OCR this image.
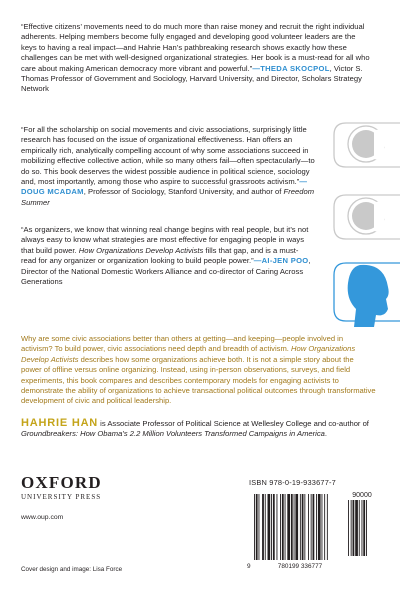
“Effective citizens’ movements need to do much more than raise money and recruit the right individual adherents. Helping members become fully engaged and developing good volunteer leaders are the keys to having a real impact—and Hahrie Han’s pathbreaking research shows exactly how these challenges can be met with well-designed organizational strategies. Her book is a must-read for all who care about making American democracy more vibrant and powerful.”—THEDA SKOCPOL, Victor S. Thomas Professor of Government and Sociology, Harvard University, and Director, Scholars Strategy Network
“For all the scholarship on social movements and civic associations, surprisingly little research has focused on the issue of organizational effectiveness. Han offers an empirically rich, analytically compelling account of why some associations succeed in mobilizing effective collective action, while so many others fail—often spectacularly—to do so. This book deserves the widest possible audience in political science, sociology and, most importantly, among those who aspire to successful grassroots activism.”—DOUG MCADAM, Professor of Sociology, Stanford University, and author of Freedom Summer
“As organizers, we know that winning real change begins with real people, but it’s not always easy to know what strategies are most effective for engaging people in ways that build power. How Organizations Develop Activists fills that gap, and is a must-read for any organizer or organization looking to build people power.”—AI-JEN POO, Director of the National Domestic Workers Alliance and co-director of Caring Across Generations
Why are some civic associations better than others at getting—and keeping—people involved in activism? To build power, civic associations need depth and breadth of activism. How Organizations Develop Activists describes how some organizations achieve both. It is not a simple story about the power of offline versus online organizing. Instead, using in-person observations, surveys, and field experiments, this book compares and describes contemporary models for engaging activists to demonstrate the ability of organizations to achieve transactional political outcomes through transformative development of civic and political leadership.
HAHRIE HAN is Associate Professor of Political Science at Wellesley College and co-author of Groundbreakers: How Obama’s 2.2 Million Volunteers Transformed Campaigns in America.
OXFORD
UNIVERSITY PRESS
www.oup.com
Cover design and image: Lisa Force
ISBN 978-0-19-933677-7
90000
9	780199 336777
